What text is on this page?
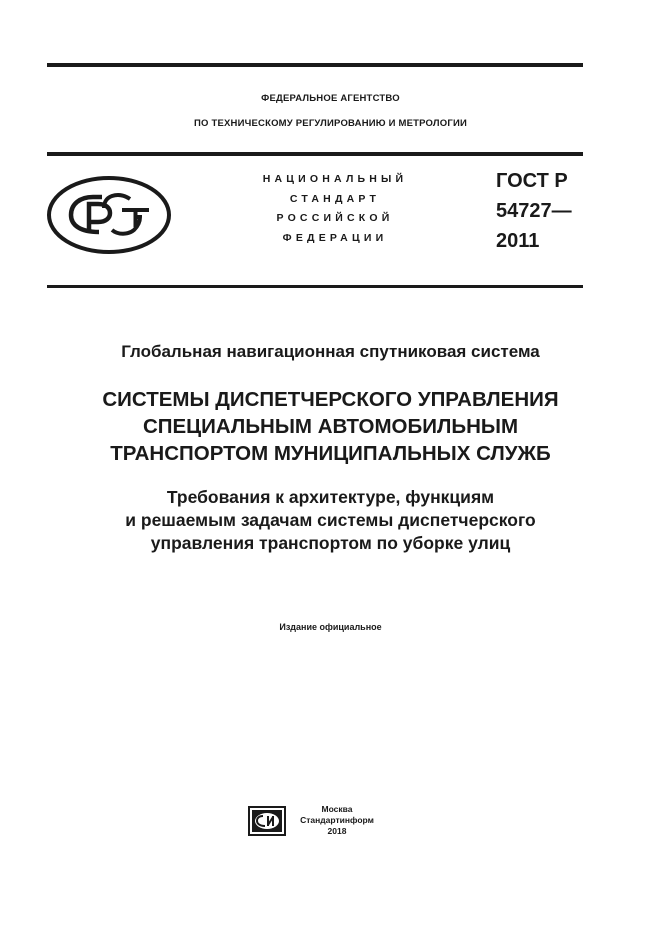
ФЕДЕРАЛЬНОЕ АГЕНТСТВО
ПО ТЕХНИЧЕСКОМУ РЕГУЛИРОВАНИЮ И МЕТРОЛОГИИ
НАЦИОНАЛЬНЫЙ
СТАНДАРТ
РОССИЙСКОЙ
ФЕДЕРАЦИИ
ГОСТ Р
54727—
2011
Глобальная навигационная спутниковая система
СИСТЕМЫ ДИСПЕТЧЕРСКОГО УПРАВЛЕНИЯ
СПЕЦИАЛЬНЫМ АВТОМОБИЛЬНЫМ
ТРАНСПОРТОМ МУНИЦИПАЛЬНЫХ СЛУЖБ
Требования к архитектуре, функциям
и решаемым задачам системы диспетчерского
управления транспортом по уборке улиц
Издание официальное
Москва
Стандартинформ
2018
